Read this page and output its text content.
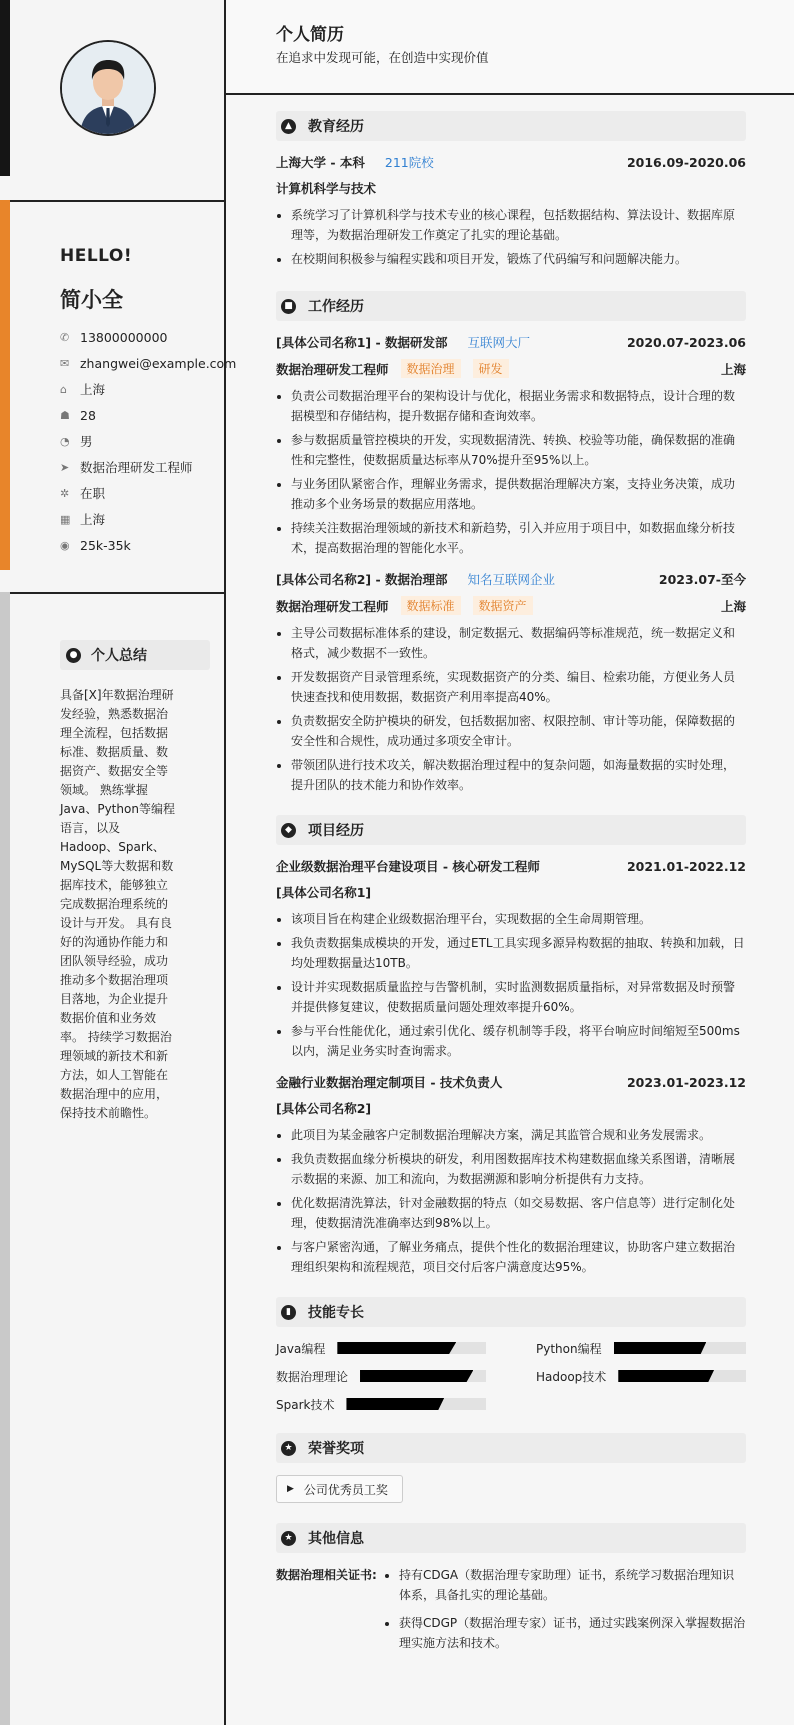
HELLO!
简小全
✆ 13800000000
✉ zhangwei@example.com
⌂	上海
☗ 28
◔ 男
➤ 数据治理研发工程师
✲ 在职
▦ 上海
◉ 25k-35k
● 个人总结

具备[X]年数据治理研发经验，熟悉数据治理全流程，包括数据标准、数据质量、数据资产、数据安全等领域。 熟练掌握Java、Python等编程语言，以及Hadoop、Spark、MySQL等大数据和数据库技术，能够独立完成数据治理系统的设计与开发。 具有良好的沟通协作能力和团队领导经验，成功推动多个数据治理项目落地，为企业提升数据价值和业务效率。 持续学习数据治理领域的新技术和新方法，如人工智能在数据治理中的应用，保持技术前瞻性。

个人简历

在追求中发现可能，在创造中实现价值

▲ 教育经历
上海大学 - 本科 211院校	2016.09-2020.06
计算机科学与技术
• 系统学习了计算机科学与技术专业的核心课程，包括数据结构、算法设计、数据库原理等，为数据治理研发工作奠定了扎实的理论基础。
• 在校期间积极参与编程实践和项目开发，锻炼了代码编写和问题解决能力。
■ 工作经历
[具体公司名称1] - 数据研发部 互联网大厂	2020.07-2023.06
数据治理研发工程师	数据治理	研发	上海
• 负责公司数据治理平台的架构设计与优化，根据业务需求和数据特点，设计合理的数据模型和存储结构，提升数据存储和查询效率。
• 参与数据质量管控模块的开发，实现数据清洗、转换、校验等功能，确保数据的准确性和完整性，使数据质量达标率从70%提升至95%以上。
• 与业务团队紧密合作，理解业务需求，提供数据治理解决方案，支持业务决策，成功推动多个业务场景的数据应用落地。
• 持续关注数据治理领域的新技术和新趋势，引入并应用于项目中，如数据血缘分析技术，提高数据治理的智能化水平。
[具体公司名称2] - 数据治理部 知名互联网企业	2023.07-至今
数据治理研发工程师	数据标准	数据资产	上海
• 主导公司数据标准体系的建设，制定数据元、数据编码等标准规范，统一数据定义和格式，减少数据不一致性。
• 开发数据资产目录管理系统，实现数据资产的分类、编目、检索功能，方便业务人员快速查找和使用数据，数据资产利用率提高40%。
• 负责数据安全防护模块的研发，包括数据加密、权限控制、审计等功能，保障数据的安全性和合规性，成功通过多项安全审计。
• 带领团队进行技术攻关，解决数据治理过程中的复杂问题，如海量数据的实时处理，提升团队的技术能力和协作效率。
◆ 项目经历
企业级数据治理平台建设项目 - 核心研发工程师	2021.01-2022.12
[具体公司名称1]
• 该项目旨在构建企业级数据治理平台，实现数据的全生命周期管理。
• 我负责数据集成模块的开发，通过ETL工具实现多源异构数据的抽取、转换和加载，日均处理数据量达10TB。
• 设计并实现数据质量监控与告警机制，实时监测数据质量指标，对异常数据及时预警并提供修复建议，使数据质量问题处理效率提升60%。
• 参与平台性能优化，通过索引优化、缓存机制等手段，将平台响应时间缩短至500ms以内，满足业务实时查询需求。
金融行业数据治理定制项目 - 技术负责人	2023.01-2023.12
[具体公司名称2]
• 此项目为某金融客户定制数据治理解决方案，满足其监管合规和业务发展需求。
• 我负责数据血缘分析模块的研发，利用图数据库技术构建数据血缘关系图谱，清晰展示数据的来源、加工和流向，为数据溯源和影响分析提供有力支持。
• 优化数据清洗算法，针对金融数据的特点（如交易数据、客户信息等）进行定制化处理，使数据清洗准确率达到98%以上。
• 与客户紧密沟通，了解业务痛点，提供个性化的数据治理建议，协助客户建立数据治理组织架构和流程规范，项目交付后客户满意度达95%。
▮	技能专长
Java编程	Python编程
数据治理理论	Hadoop技术
Spark技术
★ 荣誉奖项
▶ 公司优秀员工奖
★ 其他信息
数据治理相关证书:
•	持有CDGA（数据治理专家助理）证书，系统学习数据治理知识体系，具备扎实的理论基础。
• 获得CDGP（数据治理专家）证书，通过实践案例深入掌握数据治理实施方法和技术。
